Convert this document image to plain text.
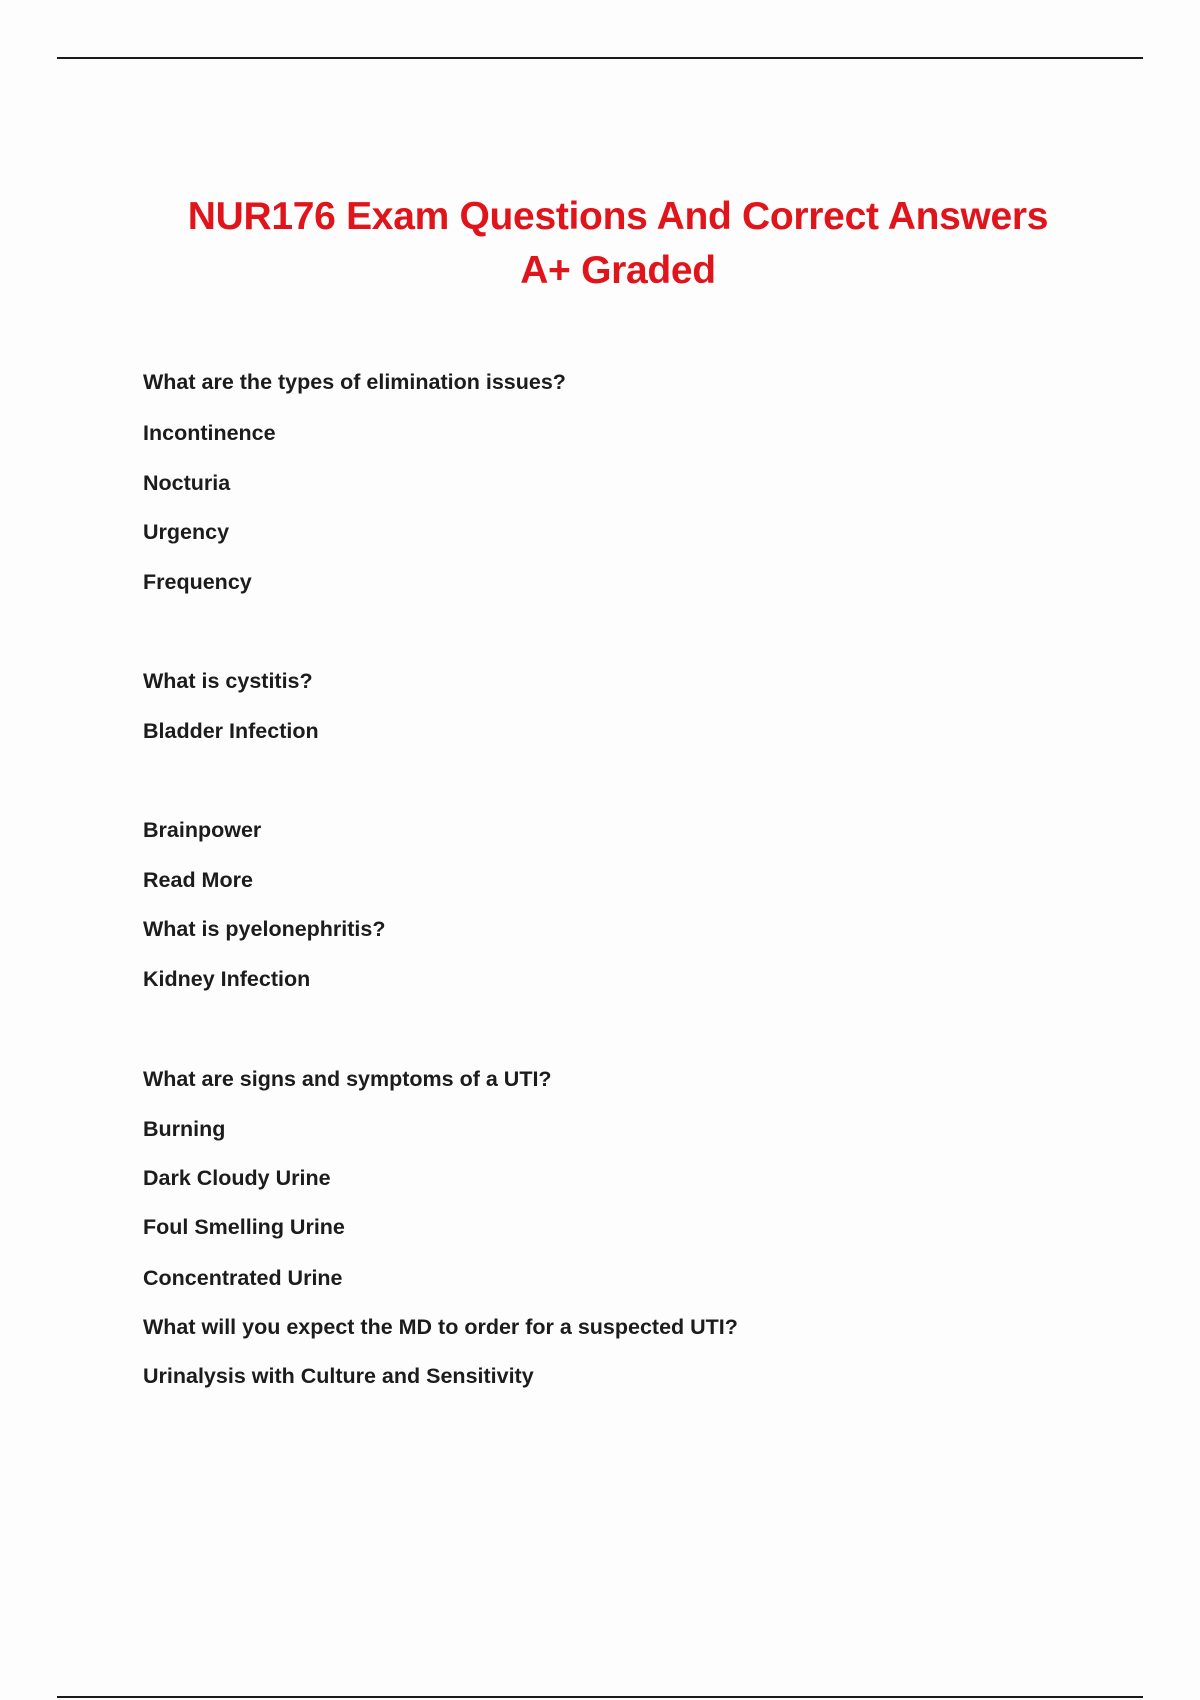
NUR176 Exam Questions And Correct Answers
A+ Graded
What are the types of elimination issues?
Incontinence
Nocturia
Urgency
Frequency
What is cystitis?
Bladder Infection
Brainpower
Read More
What is pyelonephritis?
Kidney Infection
What are signs and symptoms of a UTI?
Burning
Dark Cloudy Urine
Foul Smelling Urine
Concentrated Urine
What will you expect the MD to order for a suspected UTI?
Urinalysis with Culture and Sensitivity
